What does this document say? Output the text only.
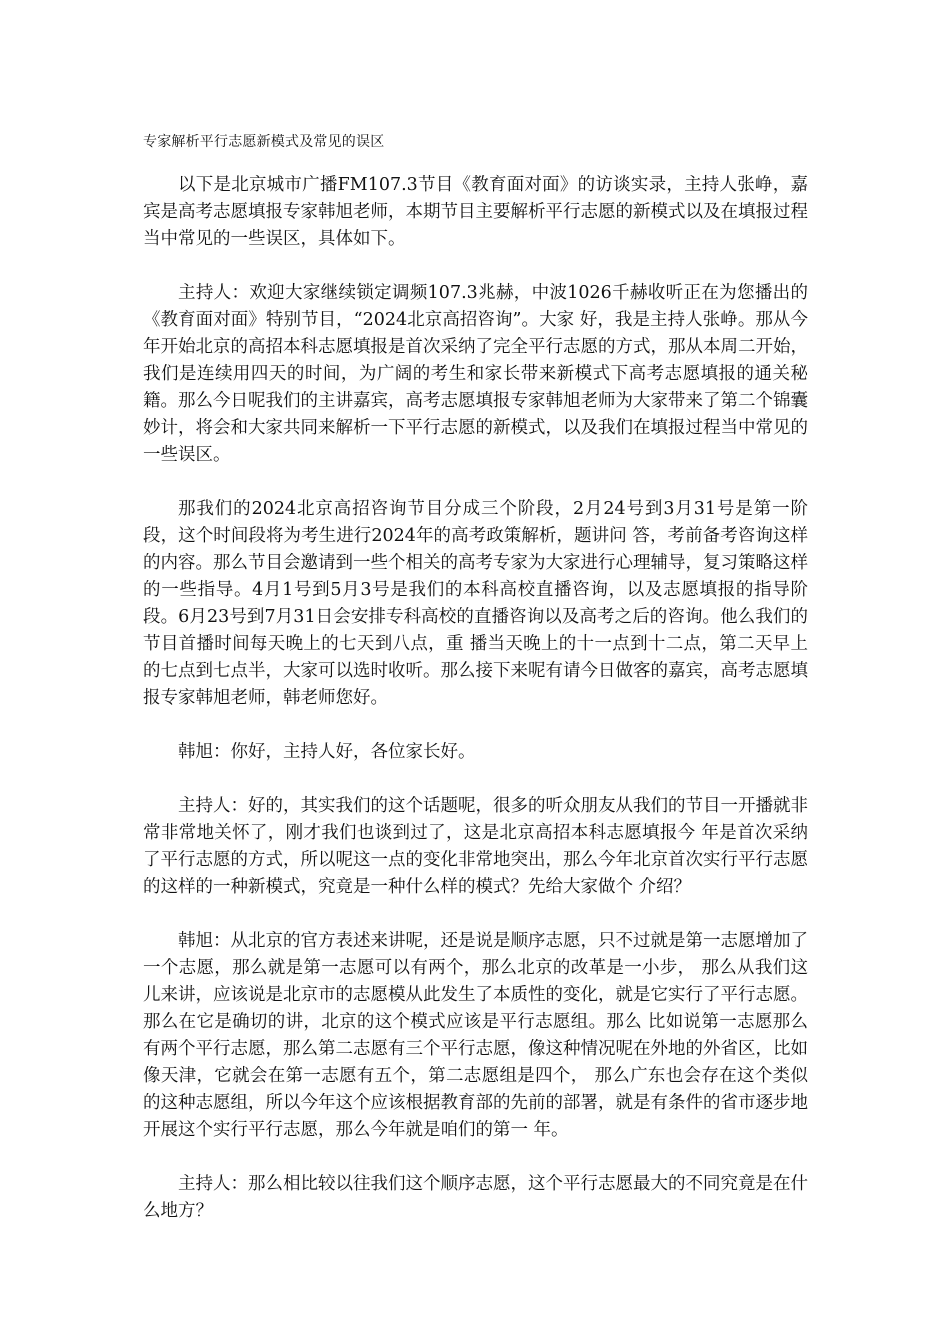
专家解析平行志愿新模式及常见的误区

以下是北京城市广播FM107.3节目《教育面对面》的访谈实录，主持人张峥，嘉宾是高考志愿填报专家韩旭老师，本期节目主要解析平行志愿的新模式以及在填报过程当中常见的一些误区，具体如下。

主持人：欢迎大家继续锁定调频107.3兆赫，中波1026千赫收听正在为您播出的《教育面对面》特别节目，“2024北京高招咨询”。大家 好，我是主持人张峥。那从今年开始北京的高招本科志愿填报是首次采纳了完全平行志愿的方式，那从本周二开始，我们是连续用四天的时间，为广阔的考生和家长带来新模式下高考志愿填报的通关秘籍。那么今日呢我们的主讲嘉宾，高考志愿填报专家韩旭老师为大家带来了第二个锦囊妙计，将会和大家共同来解析一下平行志愿的新模式，以及我们在填报过程当中常见的一些误区。

那我们的2024北京高招咨询节目分成三个阶段，2月24号到3月31号是第一阶段，这个时间段将为考生进行2024年的高考政策解析，题讲问 答，考前备考咨询这样的内容。那么节目会邀请到一些个相关的高考专家为大家进行心理辅导，复习策略这样的一些指导。4月1号到5月3号是我们的本科高校直播咨询，以及志愿填报的指导阶段。6月23号到7月31日会安排专科高校的直播咨询以及高考之后的咨询。他么我们的节目首播时间每天晚上的七天到八点，重 播当天晚上的十一点到十二点，第二天早上的七点到七点半，大家可以选时收听。那么接下来呢有请今日做客的嘉宾，高考志愿填报专家韩旭老师，韩老师您好。

韩旭：你好，主持人好，各位家长好。

主持人：好的，其实我们的这个话题呢，很多的听众朋友从我们的节目一开播就非常非常地关怀了，刚才我们也谈到过了，这是北京高招本科志愿填报今 年是首次采纳了平行志愿的方式，所以呢这一点的变化非常地突出，那么今年北京首次实行平行志愿的这样的一种新模式，究竟是一种什么样的模式？先给大家做个 介绍？

韩旭：从北京的官方表述来讲呢，还是说是顺序志愿，只不过就是第一志愿增加了一个志愿，那么就是第一志愿可以有两个，那么北京的改革是一小步， 那么从我们这儿来讲，应该说是北京市的志愿模从此发生了本质性的变化，就是它实行了平行志愿。那么在它是确切的讲，北京的这个模式应该是平行志愿组。那么 比如说第一志愿那么有两个平行志愿，那么第二志愿有三个平行志愿，像这种情况呢在外地的外省区，比如像天津，它就会在第一志愿有五个，第二志愿组是四个， 那么广东也会存在这个类似的这种志愿组，所以今年这个应该根据教育部的先前的部署，就是有条件的省市逐步地开展这个实行平行志愿，那么今年就是咱们的第一 年。

主持人：那么相比较以往我们这个顺序志愿，这个平行志愿最大的不同究竟是在什么地方？
